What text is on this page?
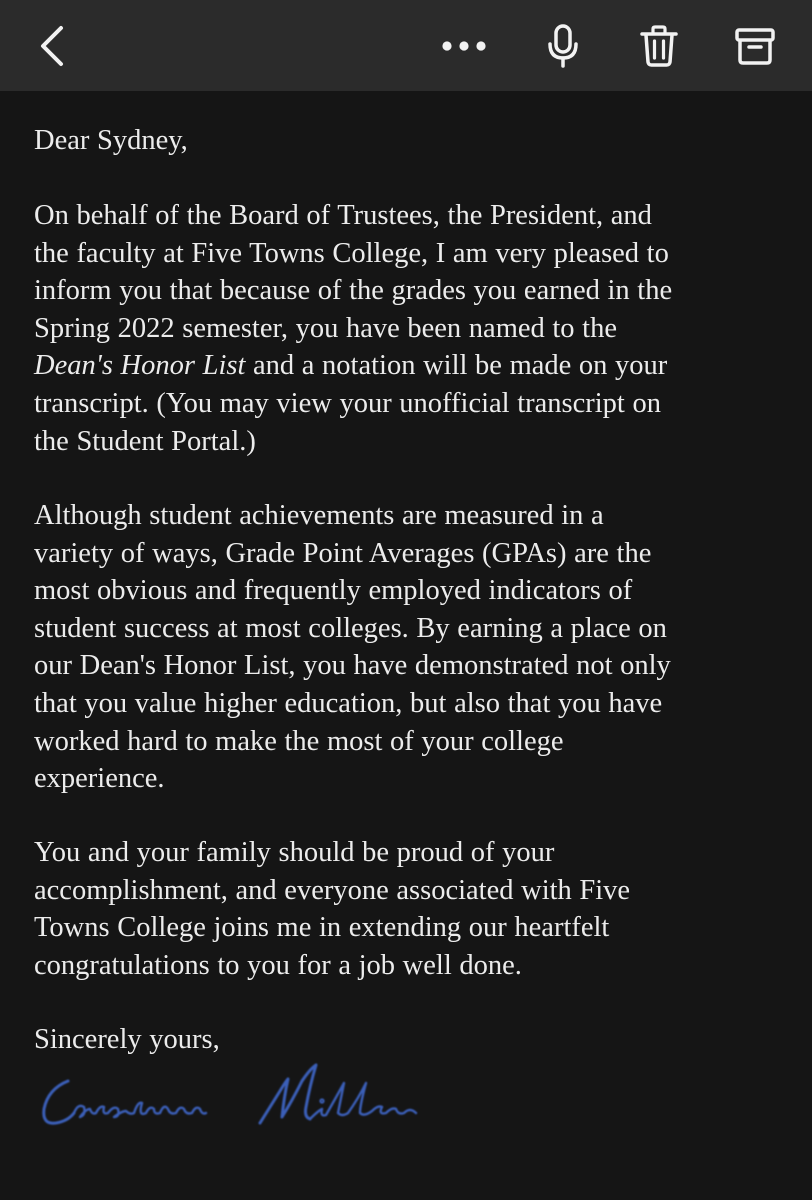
Dear Sydney,

On behalf of the Board of Trustees, the President, and
the faculty at Five Towns College, I am very pleased to
inform you that because of the grades you earned in the
Spring 2022 semester, you have been named to the
Dean's Honor List and a notation will be made on your
transcript. (You may view your unofficial transcript on
the Student Portal.)

Although student achievements are measured in a
variety of ways, Grade Point Averages (GPAs) are the
most obvious and frequently employed indicators of
student success at most colleges. By earning a place on
our Dean's Honor List, you have demonstrated not only
that you value higher education, but also that you have
worked hard to make the most of your college
experience.

You and your family should be proud of your
accomplishment, and everyone associated with Five
Towns College joins me in extending our heartfelt
congratulations to you for a job well done.

Sincerely yours,
